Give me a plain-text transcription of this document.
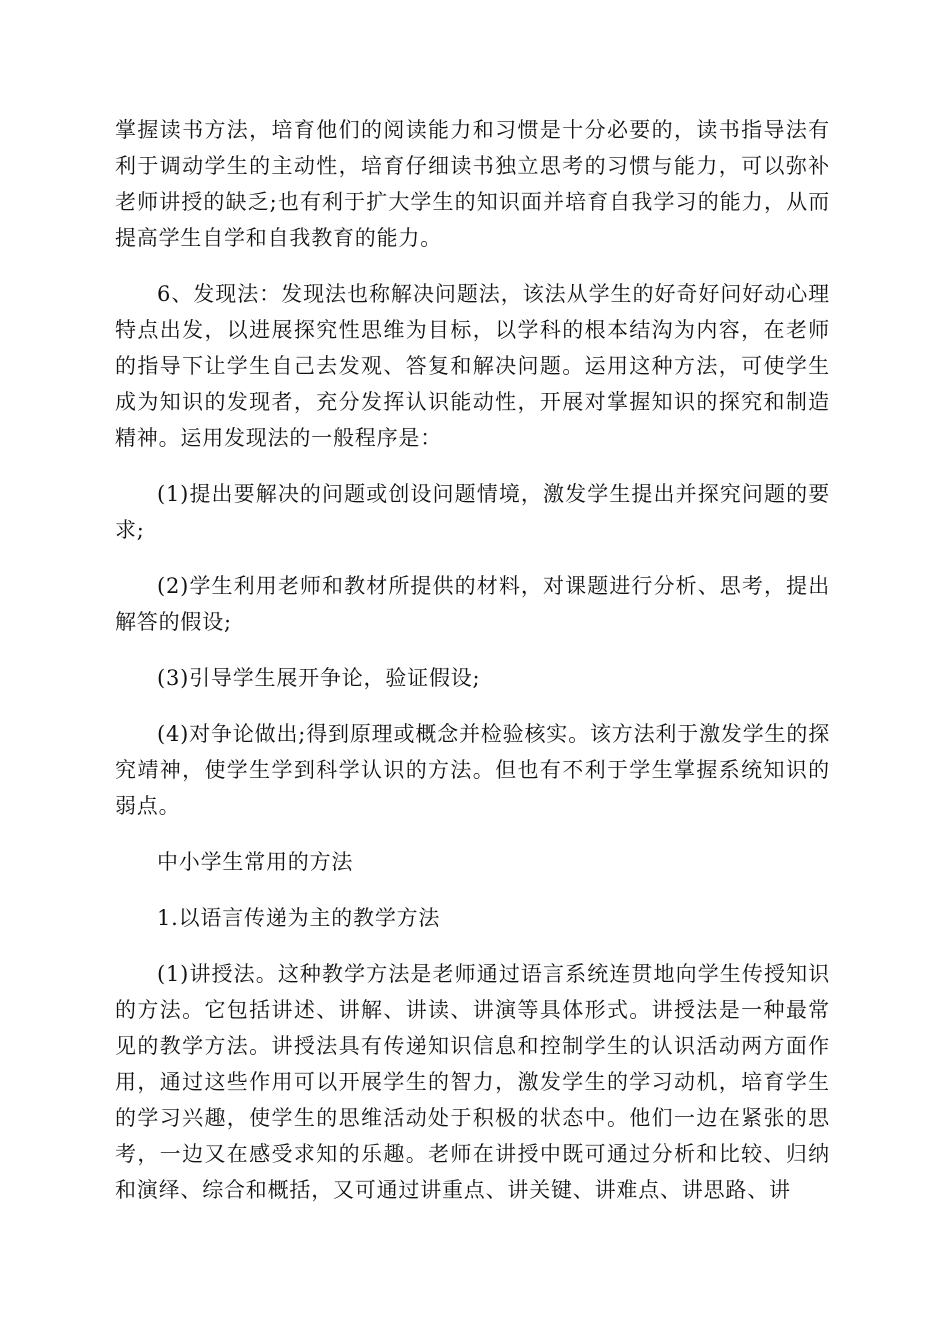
掌握读书方法，培育他们的阅读能力和习惯是十分必要的，读书指导法有利于调动学生的主动性，培育仔细读书独立思考的习惯与能力，可以弥补老师讲授的缺乏;也有利于扩大学生的知识面并培育自我学习的能力，从而提高学生自学和自我教育的能力。

6、发现法：发现法也称解决问题法，该法从学生的好奇好问好动心理特点出发，以进展探究性思维为目标，以学科的根本结沟为内容，在老师的指导下让学生自己去发观、答复和解决问题。运用这种方法，可使学生成为知识的发现者，充分发挥认识能动性，开展对掌握知识的探究和制造精神。运用发现法的一般程序是：

(1)提出要解决的问题或创设问题情境，激发学生提出并探究问题的要求;

(2)学生利用老师和教材所提供的材料，对课题进行分析、思考，提出解答的假设;

(3)引导学生展开争论，验证假设;

(4)对争论做出;得到原理或概念并检验核实。该方法利于激发学生的探究靖神，使学生学到科学认识的方法。但也有不利于学生掌握系统知识的弱点。

中小学生常用的方法

1.以语言传递为主的教学方法

(1)讲授法。这种教学方法是老师通过语言系统连贯地向学生传授知识的方法。它包括讲述、讲解、讲读、讲演等具体形式。讲授法是一种最常见的教学方法。讲授法具有传递知识信息和控制学生的认识活动两方面作用，通过这些作用可以开展学生的智力，激发学生的学习动机，培育学生的学习兴趣，使学生的思维活动处于积极的状态中。他们一边在紧张的思考，一边又在感受求知的乐趣。老师在讲授中既可通过分析和比较、归纳和演绎、综合和概括，又可通过讲重点、讲关键、讲难点、讲思路、讲
